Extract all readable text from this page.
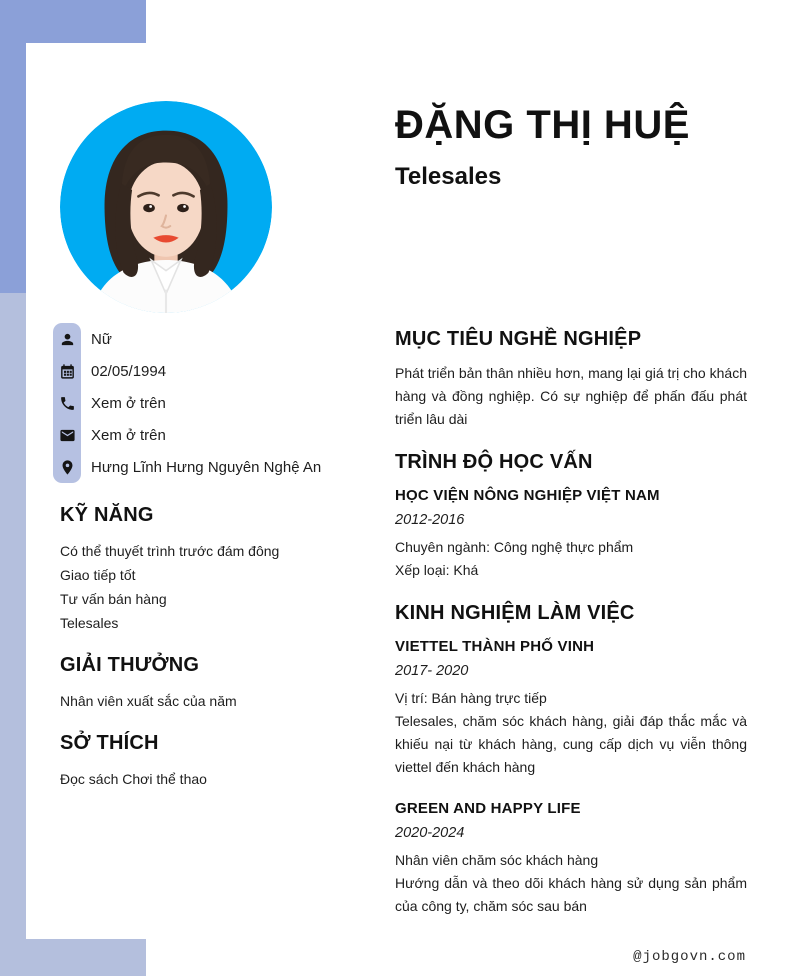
ĐẶNG THỊ HUỆ
Telesales
Nữ
02/05/1994
Xem ở trên
Xem ở trên
Hưng Lĩnh Hưng Nguyên Nghệ An
KỸ NĂNG
Có thể thuyết trình trước đám đông
Giao tiếp tốt
Tư vấn bán hàng
Telesales
GIẢI THƯỞNG
Nhân viên xuất sắc của năm
SỞ THÍCH
Đọc sách Chơi thể thao
MỤC TIÊU NGHỀ NGHIỆP

Phát triển bản thân nhiều hơn, mang lại giá trị cho khách hàng và đồng nghiệp. Có sự nghiệp để phấn đấu phát triển lâu dài

TRÌNH ĐỘ HỌC VẤN
HỌC VIỆN NÔNG NGHIỆP VIỆT NAM
2012-2016
Chuyên ngành: Công nghệ thực phẩm
Xếp loại: Khá
KINH NGHIỆM LÀM VIỆC
VIETTEL THÀNH PHỐ VINH
2017- 2020
Vị trí: Bán hàng trực tiếp
Telesales, chăm sóc khách hàng, giải đáp thắc mắc và khiếu nại từ khách hàng, cung cấp dịch vụ viễn thông viettel đến khách hàng
GREEN AND HAPPY LIFE
2020-2024
Nhân viên chăm sóc khách hàng
Hướng dẫn và theo dõi khách hàng sử dụng sản phẩm của công ty, chăm sóc sau bán
@jobgovn.com
